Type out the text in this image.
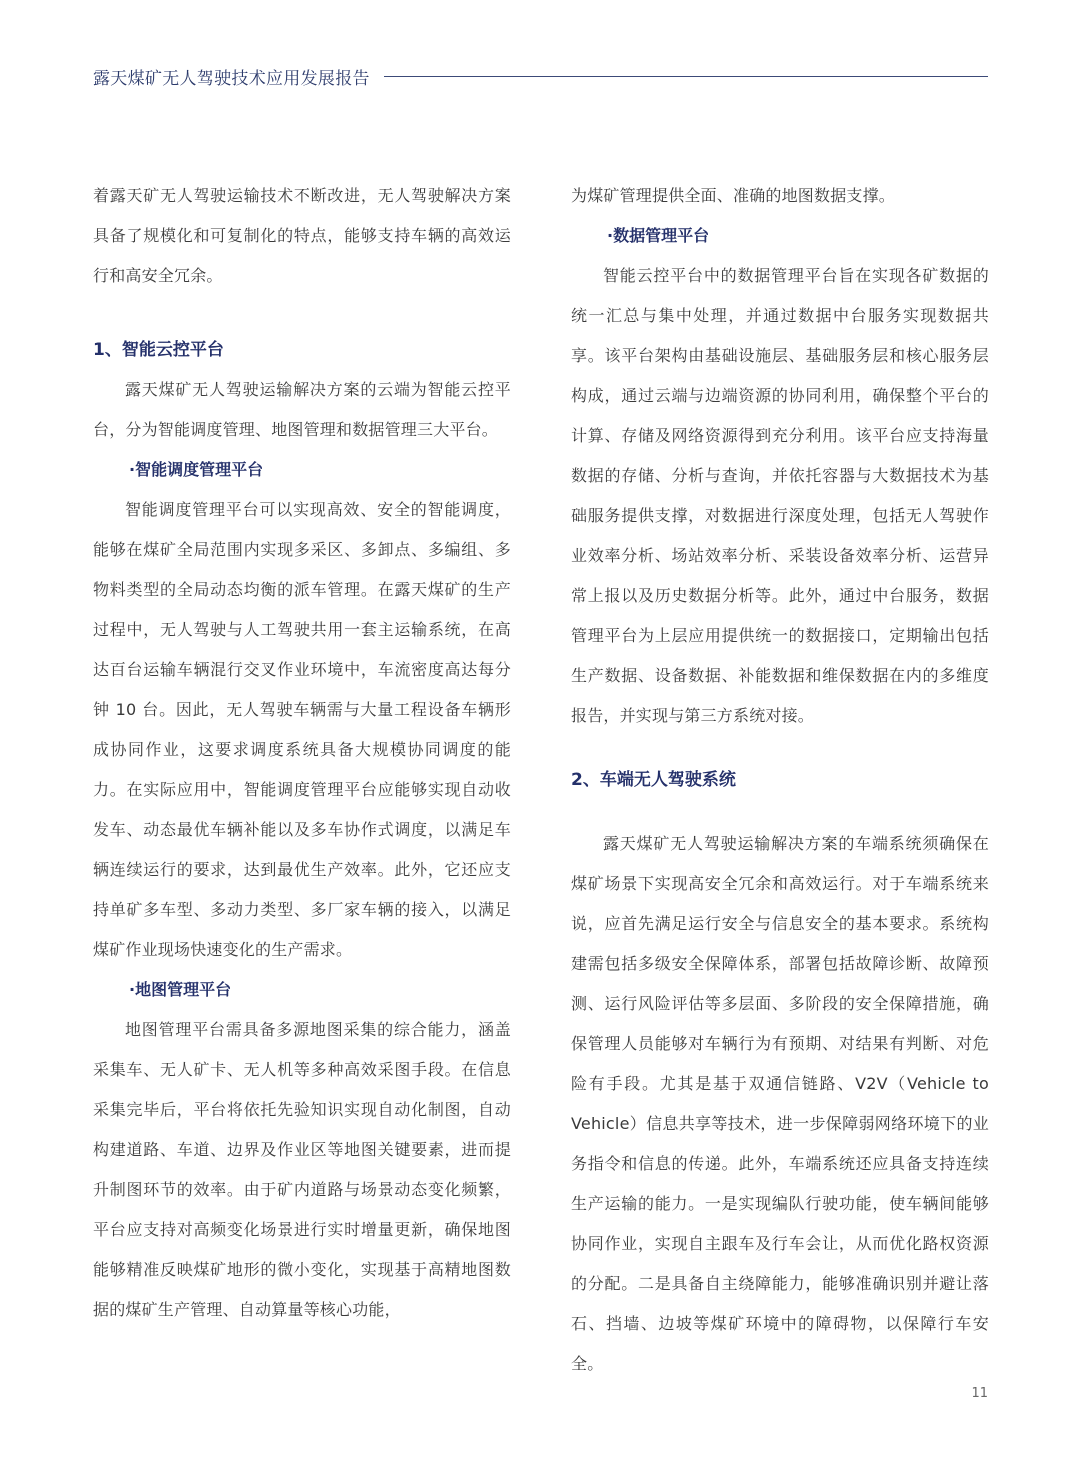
露天煤矿无人驾驶技术应用发展报告

着露天矿无人驾驶运输技术不断改进，无人驾驶解决方案具备了规模化和可复制化的特点，能够支持车辆的高效运行和高安全冗余。

1、智能云控平台

露天煤矿无人驾驶运输解决方案的云端为智能云控平台，分为智能调度管理、地图管理和数据管理三大平台。

·智能调度管理平台

智能调度管理平台可以实现高效、安全的智能调度，能够在煤矿全局范围内实现多采区、多卸点、多编组、多物料类型的全局动态均衡的派车管理。在露天煤矿的生产过程中，无人驾驶与人工驾驶共用一套主运输系统，在高达百台运输车辆混行交叉作业环境中，车流密度高达每分钟 10 台。因此，无人驾驶车辆需与大量工程设备车辆形成协同作业，这要求调度系统具备大规模协同调度的能力。在实际应用中，智能调度管理平台应能够实现自动收发车、动态最优车辆补能以及多车协作式调度，以满足车辆连续运行的要求，达到最优生产效率。此外，它还应支持单矿多车型、多动力类型、多厂家车辆的接入，以满足煤矿作业现场快速变化的生产需求。

·地图管理平台

地图管理平台需具备多源地图采集的综合能力，涵盖采集车、无人矿卡、无人机等多种高效采图手段。在信息采集完毕后，平台将依托先验知识实现自动化制图，自动构建道路、车道、边界及作业区等地图关键要素，进而提升制图环节的效率。由于矿内道路与场景动态变化频繁，平台应支持对高频变化场景进行实时增量更新，确保地图能够精准反映煤矿地形的微小变化，实现基于高精地图数据的煤矿生产管理、自动算量等核心功能，

为煤矿管理提供全面、准确的地图数据支撑。

·数据管理平台

智能云控平台中的数据管理平台旨在实现各矿数据的统一汇总与集中处理，并通过数据中台服务实现数据共享。该平台架构由基础设施层、基础服务层和核心服务层构成，通过云端与边端资源的协同利用，确保整个平台的计算、存储及网络资源得到充分利用。该平台应支持海量数据的存储、分析与查询，并依托容器与大数据技术为基础服务提供支撑，对数据进行深度处理，包括无人驾驶作业效率分析、场站效率分析、采装设备效率分析、运营异常上报以及历史数据分析等。此外，通过中台服务，数据管理平台为上层应用提供统一的数据接口，定期输出包括生产数据、设备数据、补能数据和维保数据在内的多维度报告，并实现与第三方系统对接。

2、车端无人驾驶系统

露天煤矿无人驾驶运输解决方案的车端系统须确保在煤矿场景下实现高安全冗余和高效运行。对于车端系统来说，应首先满足运行安全与信息安全的基本要求。系统构建需包括多级安全保障体系，部署包括故障诊断、故障预测、运行风险评估等多层面、多阶段的安全保障措施，确保管理人员能够对车辆行为有预期、对结果有判断、对危险有手段。尤其是基于双通信链路、V2V（Vehicle to Vehicle）信息共享等技术，进一步保障弱网络环境下的业务指令和信息的传递。此外，车端系统还应具备支持连续生产运输的能力。一是实现编队行驶功能，使车辆间能够协同作业，实现自主跟车及行车会让，从而优化路权资源的分配。二是具备自主绕障能力，能够准确识别并避让落石、挡墙、边坡等煤矿环境中的障碍物，以保障行车安全。

11
